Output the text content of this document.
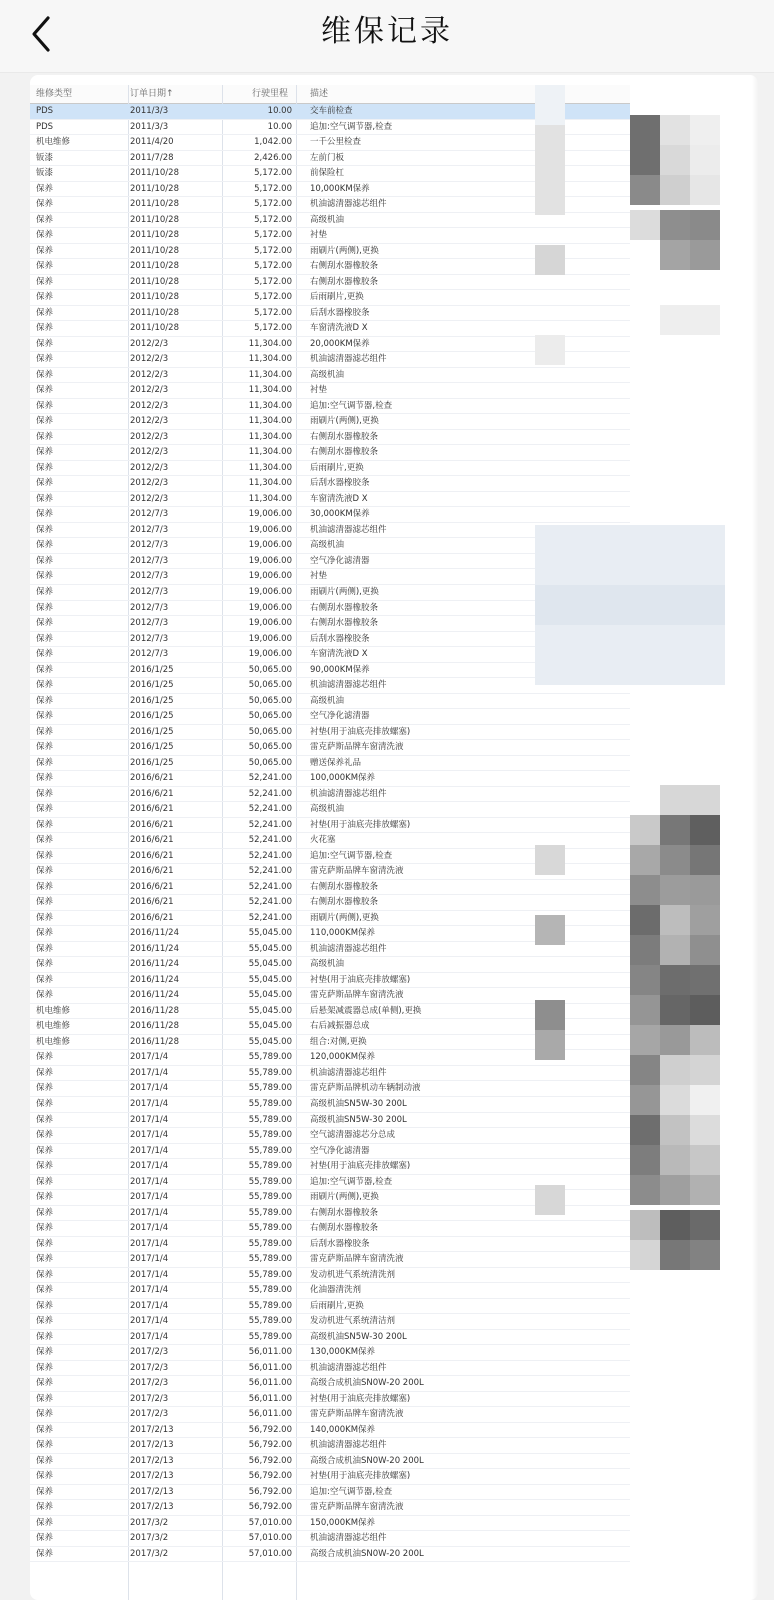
维保记录
维修类型	订单日期↑	行驶里程 描述
PDS	2011/3/3	10.00 交车前检查
PDS	2011/3/3	10.00 追加:空气调节器,检查
机电维修	2011/4/20	1,042.00 一千公里检查
钣漆	2011/7/28	2,426.00 左前门板
钣漆	2011/10/28	5,172.00 前保险杠
保养	2011/10/28	5,172.00 10,000KM保养
保养	2011/10/28	5,172.00 机油滤清器滤芯组件
保养	2011/10/28	5,172.00 高级机油
保养	2011/10/28	5,172.00 衬垫
保养	2011/10/28	5,172.00 雨刷片(两侧),更换
保养	2011/10/28	5,172.00 右侧刮水器橡胶条
保养	2011/10/28	5,172.00 右侧刮水器橡胶条
保养	2011/10/28	5,172.00 后雨刷片,更换
保养	2011/10/28	5,172.00 后刮水器橡胶条
保养	2011/10/28	5,172.00 车窗清洗液D X
保养	2012/2/3	11,304.00 20,000KM保养
保养	2012/2/3	11,304.00 机油滤清器滤芯组件
保养	2012/2/3	11,304.00 高级机油
保养	2012/2/3	11,304.00 衬垫
保养	2012/2/3	11,304.00 追加:空气调节器,检查
保养	2012/2/3	11,304.00 雨刷片(两侧),更换
保养	2012/2/3	11,304.00 右侧刮水器橡胶条
保养	2012/2/3	11,304.00 右侧刮水器橡胶条
保养	2012/2/3	11,304.00 后雨刷片,更换
保养	2012/2/3	11,304.00 后刮水器橡胶条
保养	2012/2/3	11,304.00 车窗清洗液D X
保养	2012/7/3	19,006.00 30,000KM保养
保养	2012/7/3	19,006.00 机油滤清器滤芯组件
保养	2012/7/3	19,006.00 高级机油
保养	2012/7/3	19,006.00 空气净化滤清器
保养	2012/7/3	19,006.00 衬垫
保养	2012/7/3	19,006.00 雨刷片(两侧),更换
保养	2012/7/3	19,006.00 右侧刮水器橡胶条
保养	2012/7/3	19,006.00 右侧刮水器橡胶条
保养	2012/7/3	19,006.00 后刮水器橡胶条
保养	2012/7/3	19,006.00 车窗清洗液D X
保养	2016/1/25	50,065.00 90,000KM保养
保养	2016/1/25	50,065.00 机油滤清器滤芯组件
保养	2016/1/25	50,065.00 高级机油
保养	2016/1/25	50,065.00 空气净化滤清器
保养	2016/1/25	50,065.00 衬垫(用于油底壳排放螺塞)
保养	2016/1/25	50,065.00 雷克萨斯品牌车窗清洗液
保养	2016/1/25	50,065.00 赠送保养礼品
保养	2016/6/21	52,241.00 100,000KM保养
保养	2016/6/21	52,241.00 机油滤清器滤芯组件
保养	2016/6/21	52,241.00 高级机油
保养	2016/6/21	52,241.00 衬垫(用于油底壳排放螺塞)
保养	2016/6/21	52,241.00 火花塞
保养	2016/6/21	52,241.00 追加:空气调节器,检查
保养	2016/6/21	52,241.00 雷克萨斯品牌车窗清洗液
保养	2016/6/21	52,241.00 右侧刮水器橡胶条
保养	2016/6/21	52,241.00 右侧刮水器橡胶条
保养	2016/6/21	52,241.00 雨刷片(两侧),更换
保养	2016/11/24	55,045.00 110,000KM保养
保养	2016/11/24	55,045.00 机油滤清器滤芯组件
保养	2016/11/24	55,045.00 高级机油
保养	2016/11/24	55,045.00 衬垫(用于油底壳排放螺塞)
保养	2016/11/24	55,045.00 雷克萨斯品牌车窗清洗液
机电维修	2016/11/28	55,045.00 后悬架减震器总成(单侧),更换
机电维修	2016/11/28	55,045.00 右后减振器总成
机电维修	2016/11/28	55,045.00 组合:对侧,更换
保养	2017/1/4	55,789.00 120,000KM保养
保养	2017/1/4	55,789.00 机油滤清器滤芯组件
保养	2017/1/4	55,789.00 雷克萨斯品牌机动车辆制动液
保养	2017/1/4	55,789.00 高级机油SN5W-30 200L
保养	2017/1/4	55,789.00 高级机油SN5W-30 200L
保养	2017/1/4	55,789.00 空气滤清器滤芯分总成
保养	2017/1/4	55,789.00 空气净化滤清器
保养	2017/1/4	55,789.00 衬垫(用于油底壳排放螺塞)
保养	2017/1/4	55,789.00 追加:空气调节器,检查
保养	2017/1/4	55,789.00 雨刷片(两侧),更换
保养	2017/1/4	55,789.00 右侧刮水器橡胶条
保养	2017/1/4	55,789.00 右侧刮水器橡胶条
保养	2017/1/4	55,789.00 后刮水器橡胶条
保养	2017/1/4	55,789.00 雷克萨斯品牌车窗清洗液
保养	2017/1/4	55,789.00 发动机进气系统清洗剂
保养	2017/1/4	55,789.00 化油器清洗剂
保养	2017/1/4	55,789.00 后雨刷片,更换
保养	2017/1/4	55,789.00 发动机进气系统清洁剂
保养	2017/1/4	55,789.00 高级机油SN5W-30 200L
保养	2017/2/3	56,011.00 130,000KM保养
保养	2017/2/3	56,011.00 机油滤清器滤芯组件
保养	2017/2/3	56,011.00 高级合成机油SN0W-20 200L
保养	2017/2/3	56,011.00 衬垫(用于油底壳排放螺塞)
保养	2017/2/3	56,011.00 雷克萨斯品牌车窗清洗液
保养	2017/2/13	56,792.00 140,000KM保养
保养	2017/2/13	56,792.00 机油滤清器滤芯组件
保养	2017/2/13	56,792.00 高级合成机油SN0W-20 200L
保养	2017/2/13	56,792.00 衬垫(用于油底壳排放螺塞)
保养	2017/2/13	56,792.00 追加:空气调节器,检查
保养	2017/2/13	56,792.00 雷克萨斯品牌车窗清洗液
保养	2017/3/2	57,010.00 150,000KM保养
保养	2017/3/2	57,010.00 机油滤清器滤芯组件
保养	2017/3/2	57,010.00 高级合成机油SN0W-20 200L
